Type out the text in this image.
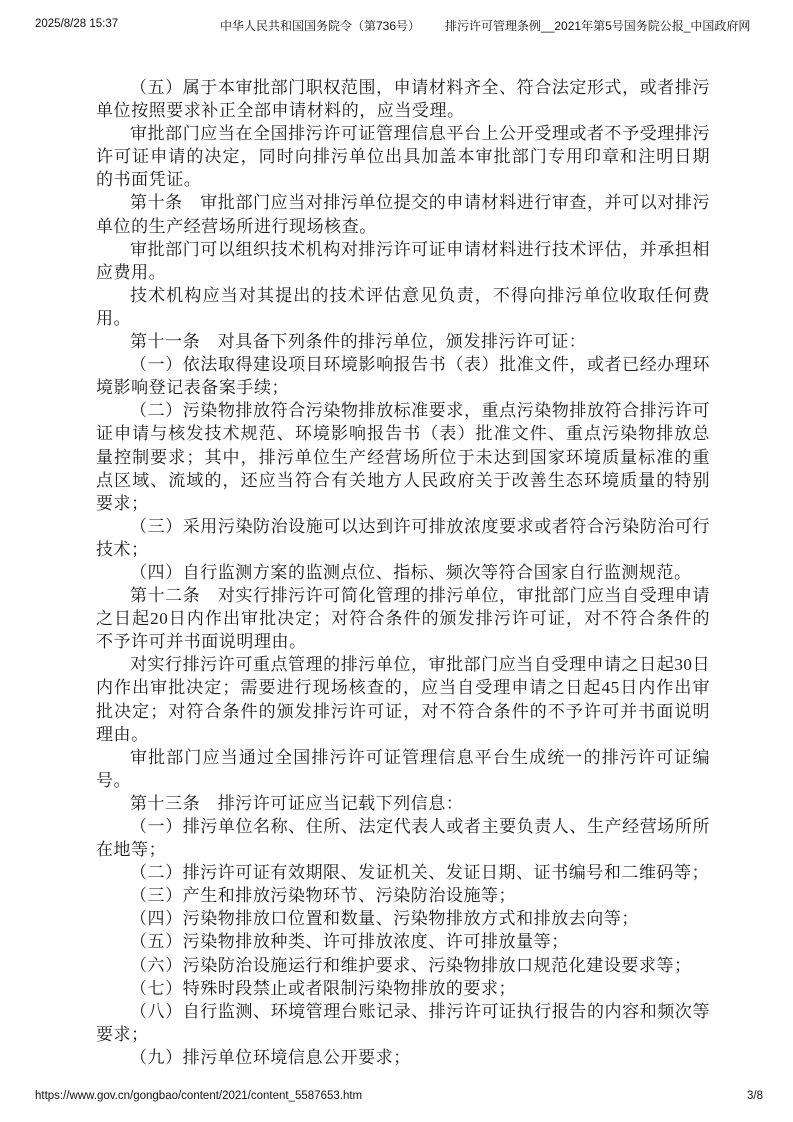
2025/8/28 15:37	中华人民共和国国务院令（第736号） 排污许可管理条例__2021年第5号国务院公报_中国政府网

（五）属于本审批部门职权范围，申请材料齐全、符合法定形式，或者排污单位按照要求补正全部申请材料的，应当受理。

审批部门应当在全国排污许可证管理信息平台上公开受理或者不予受理排污许可证申请的决定，同时向排污单位出具加盖本审批部门专用印章和注明日期的书面凭证。

第十条　审批部门应当对排污单位提交的申请材料进行审查，并可以对排污单位的生产经营场所进行现场核查。

审批部门可以组织技术机构对排污许可证申请材料进行技术评估，并承担相应费用。

技术机构应当对其提出的技术评估意见负责，不得向排污单位收取任何费用。

第十一条　对具备下列条件的排污单位，颁发排污许可证：

（一）依法取得建设项目环境影响报告书（表）批准文件，或者已经办理环境影响登记表备案手续；

（二）污染物排放符合污染物排放标准要求，重点污染物排放符合排污许可证申请与核发技术规范、环境影响报告书（表）批准文件、重点污染物排放总量控制要求；其中，排污单位生产经营场所位于未达到国家环境质量标准的重点区域、流域的，还应当符合有关地方人民政府关于改善生态环境质量的特别要求；

（三）采用污染防治设施可以达到许可排放浓度要求或者符合污染防治可行技术；

（四）自行监测方案的监测点位、指标、频次等符合国家自行监测规范。

第十二条　对实行排污许可简化管理的排污单位，审批部门应当自受理申请之日起20日内作出审批决定；对符合条件的颁发排污许可证，对不符合条件的不予许可并书面说明理由。

对实行排污许可重点管理的排污单位，审批部门应当自受理申请之日起30日内作出审批决定；需要进行现场核查的，应当自受理申请之日起45日内作出审批决定；对符合条件的颁发排污许可证，对不符合条件的不予许可并书面说明理由。

审批部门应当通过全国排污许可证管理信息平台生成统一的排污许可证编号。

第十三条　排污许可证应当记载下列信息：

（一）排污单位名称、住所、法定代表人或者主要负责人、生产经营场所所在地等；

（二）排污许可证有效期限、发证机关、发证日期、证书编号和二维码等；

（三）产生和排放污染物环节、污染防治设施等；

（四）污染物排放口位置和数量、污染物排放方式和排放去向等；

（五）污染物排放种类、许可排放浓度、许可排放量等；

（六）污染防治设施运行和维护要求、污染物排放口规范化建设要求等；

（七）特殊时段禁止或者限制污染物排放的要求；

（八）自行监测、环境管理台账记录、排污许可证执行报告的内容和频次等要求；

（九）排污单位环境信息公开要求；

https://www.gov.cn/gongbao/content/2021/content_5587653.htm	3/8
